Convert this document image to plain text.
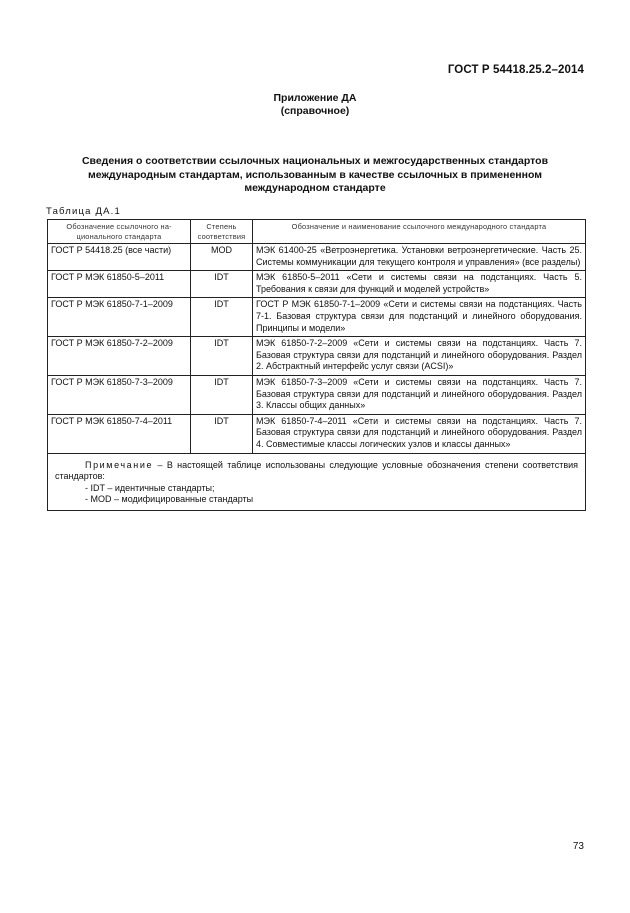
ГОСТ Р 54418.25.2–2014
Приложение ДА
(справочное)
Сведения о соответствии ссылочных национальных и межгосударственных стандартов
международным стандартам, использованным в качестве ссылочных в примененном
международном стандарте
Таблица ДА.1
Обозначение ссылочного национального стандарта	Степень соответствия	Обозначение и наименование ссылочного международного стандарта
ГОСТ Р 54418.25 (все части)	MOD	МЭК 61400-25 «Ветроэнергетика. Установки ветроэнергетические. Часть 25. Системы коммуникации для текущего контроля и управления» (все разделы)
ГОСТ Р МЭК 61850-5–2011	IDT	МЭК 61850-5–2011 «Сети и системы связи на подстанциях. Часть 5. Требования к связи для функций и моделей устройств»
ГОСТ Р МЭК 61850-7-1–2009	IDT	ГОСТ Р МЭК 61850-7-1–2009 «Сети и системы связи на подстанциях. Часть 7-1. Базовая структура связи для подстанций и линейного оборудования. Принципы и модели»
ГОСТ Р МЭК 61850-7-2–2009	IDT	МЭК 61850-7-2–2009 «Сети и системы связи на подстанциях. Часть 7. Базовая структура связи для подстанций и линейного оборудования. Раздел 2. Абстрактный интерфейс услуг связи (ACSI)»
ГОСТ Р МЭК 61850-7-3–2009	IDT	МЭК 61850-7-3–2009 «Сети и системы связи на подстанциях. Часть 7. Базовая структура связи для подстанций и линейного оборудования. Раздел 3. Классы общих данных»
ГОСТ Р МЭК 61850-7-4–2011	IDT	МЭК 61850-7-4–2011 «Сети и системы связи на подстанциях. Часть 7. Базовая структура связи для подстанций и линейного оборудования. Раздел 4. Совместимые классы логических узлов и классы данных»

Примечание – В настоящей таблице использованы следующие условные обозначения степени соответствия стандартов:
- IDT – идентичные стандарты;
- MOD – модифицированные стандарты		
73
